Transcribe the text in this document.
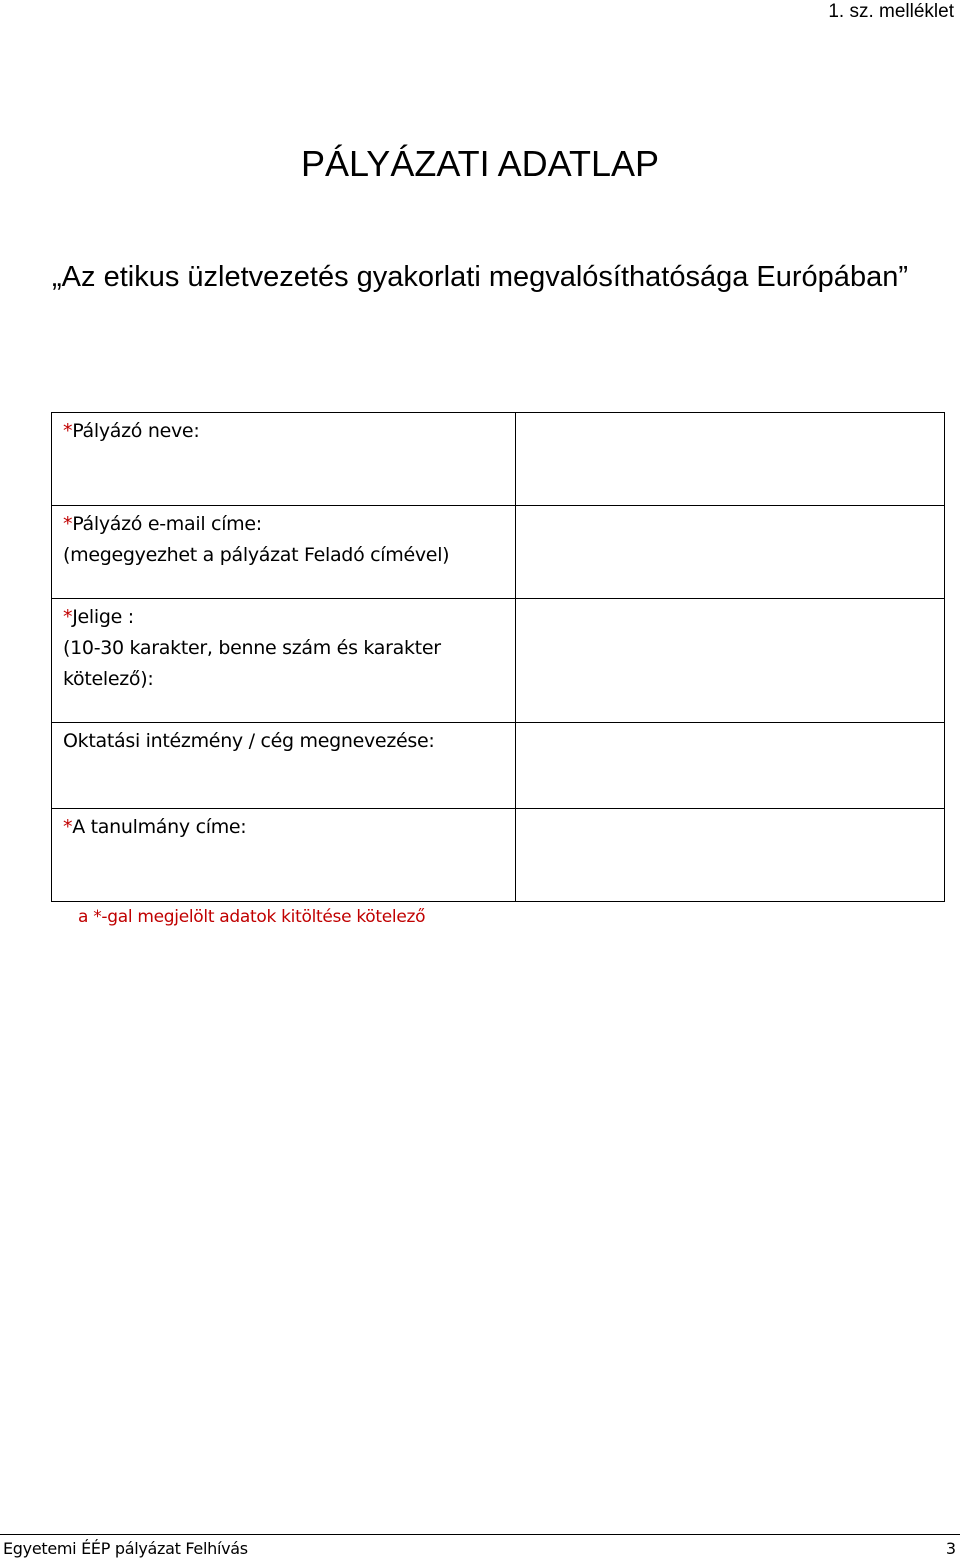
1. sz. melléklet
PÁLYÁZATI ADATLAP
„Az etikus üzletvezetés gyakorlati megvalósíthatósága Európában”
*Pályázó neve:	

*Pályázó e-mail címe:
(megegyezhet a pályázat Feladó címével)	

*Jelige :
(10-30 karakter, benne szám és karakter
kötelező):	

Oktatási intézmény / cég megnevezése:	

*A tanulmány címe:	

a *-gal megjelölt adatok kitöltése kötelező
Egyetemi ÉÉP pályázat Felhívás	3
